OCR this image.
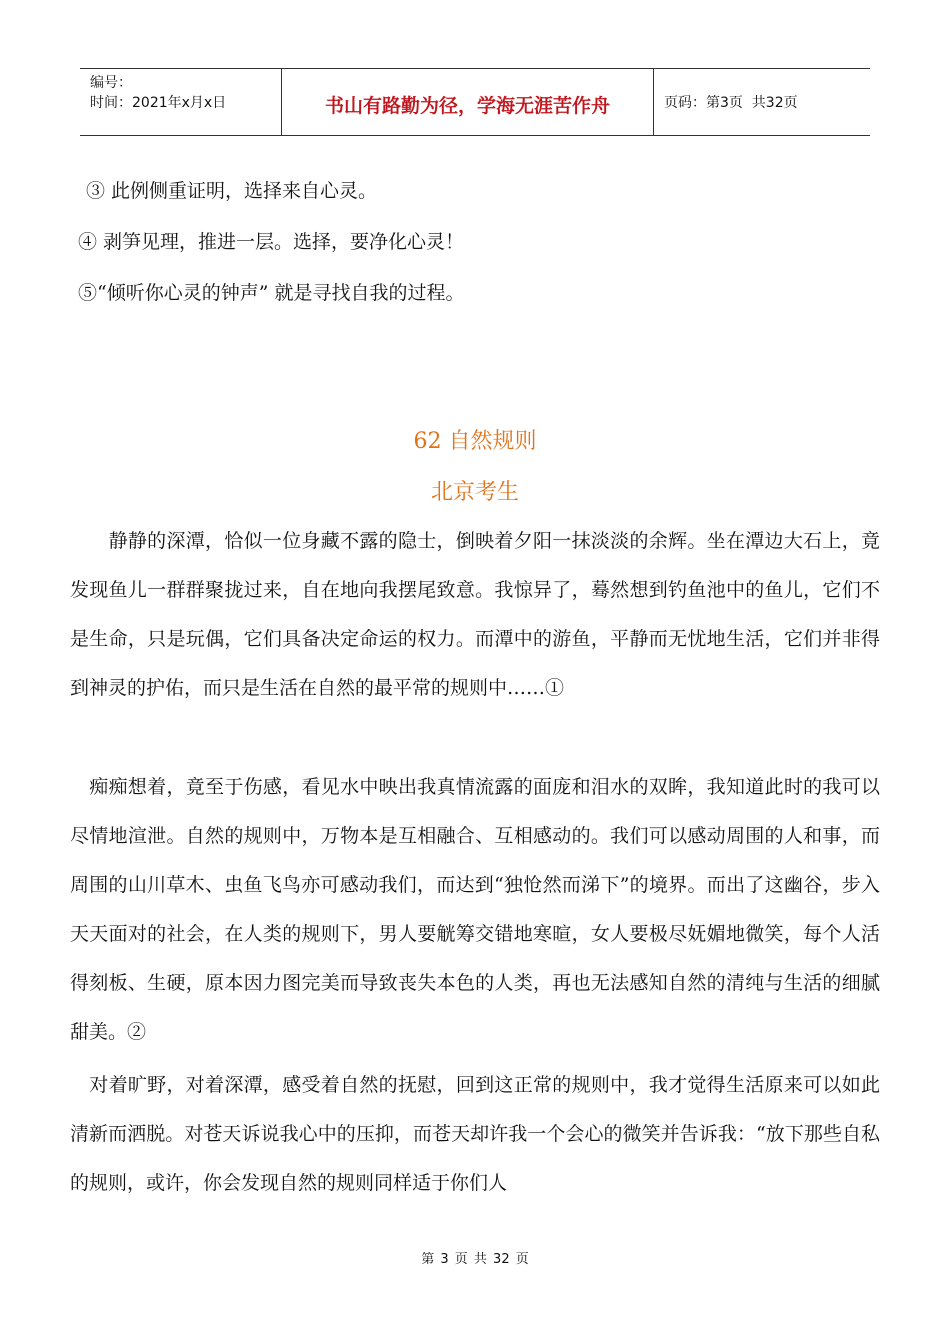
编号：
时间：2021年x月x日	书山有路勤为径，学海无涯苦作舟	页码：第3页  共32页
③ 此例侧重证明，选择来自心灵。
④ 剥笋见理，推进一层。选择，要净化心灵！
⑤“倾听你心灵的钟声” 就是寻找自我的过程。
62 自然规则
北京考生
　　静静的深潭，恰似一位身藏不露的隐士，倒映着夕阳一抹淡淡的余辉。坐在潭边大石上，竟发现鱼儿一群群聚拢过来，自在地向我摆尾致意。我惊异了，蓦然想到钓鱼池中的鱼儿，它们不是生命，只是玩偶，它们具备决定命运的权力。而潭中的游鱼，平静而无忧地生活，它们并非得到神灵的护佑，而只是生活在自然的最平常的规则中……①
　痴痴想着，竟至于伤感，看见水中映出我真情流露的面庞和泪水的双眸，我知道此时的我可以尽情地渲泄。自然的规则中，万物本是互相融合、互相感动的。我们可以感动周围的人和事，而周围的山川草木、虫鱼飞鸟亦可感动我们，而达到“独怆然而涕下”的境界。而出了这幽谷，步入天天面对的社会，在人类的规则下，男人要觥筹交错地寒暄，女人要极尽妩媚地微笑，每个人活得刻板、生硬，原本因力图完美而导致丧失本色的人类，再也无法感知自然的清纯与生活的细腻甜美。②
　对着旷野，对着深潭，感受着自然的抚慰，回到这正常的规则中，我才觉得生活原来可以如此清新而洒脱。对苍天诉说我心中的压抑，而苍天却许我一个会心的微笑并告诉我：“放下那些自私的规则，或许，你会发现自然的规则同样适于你们人
第 3 页 共 32 页
